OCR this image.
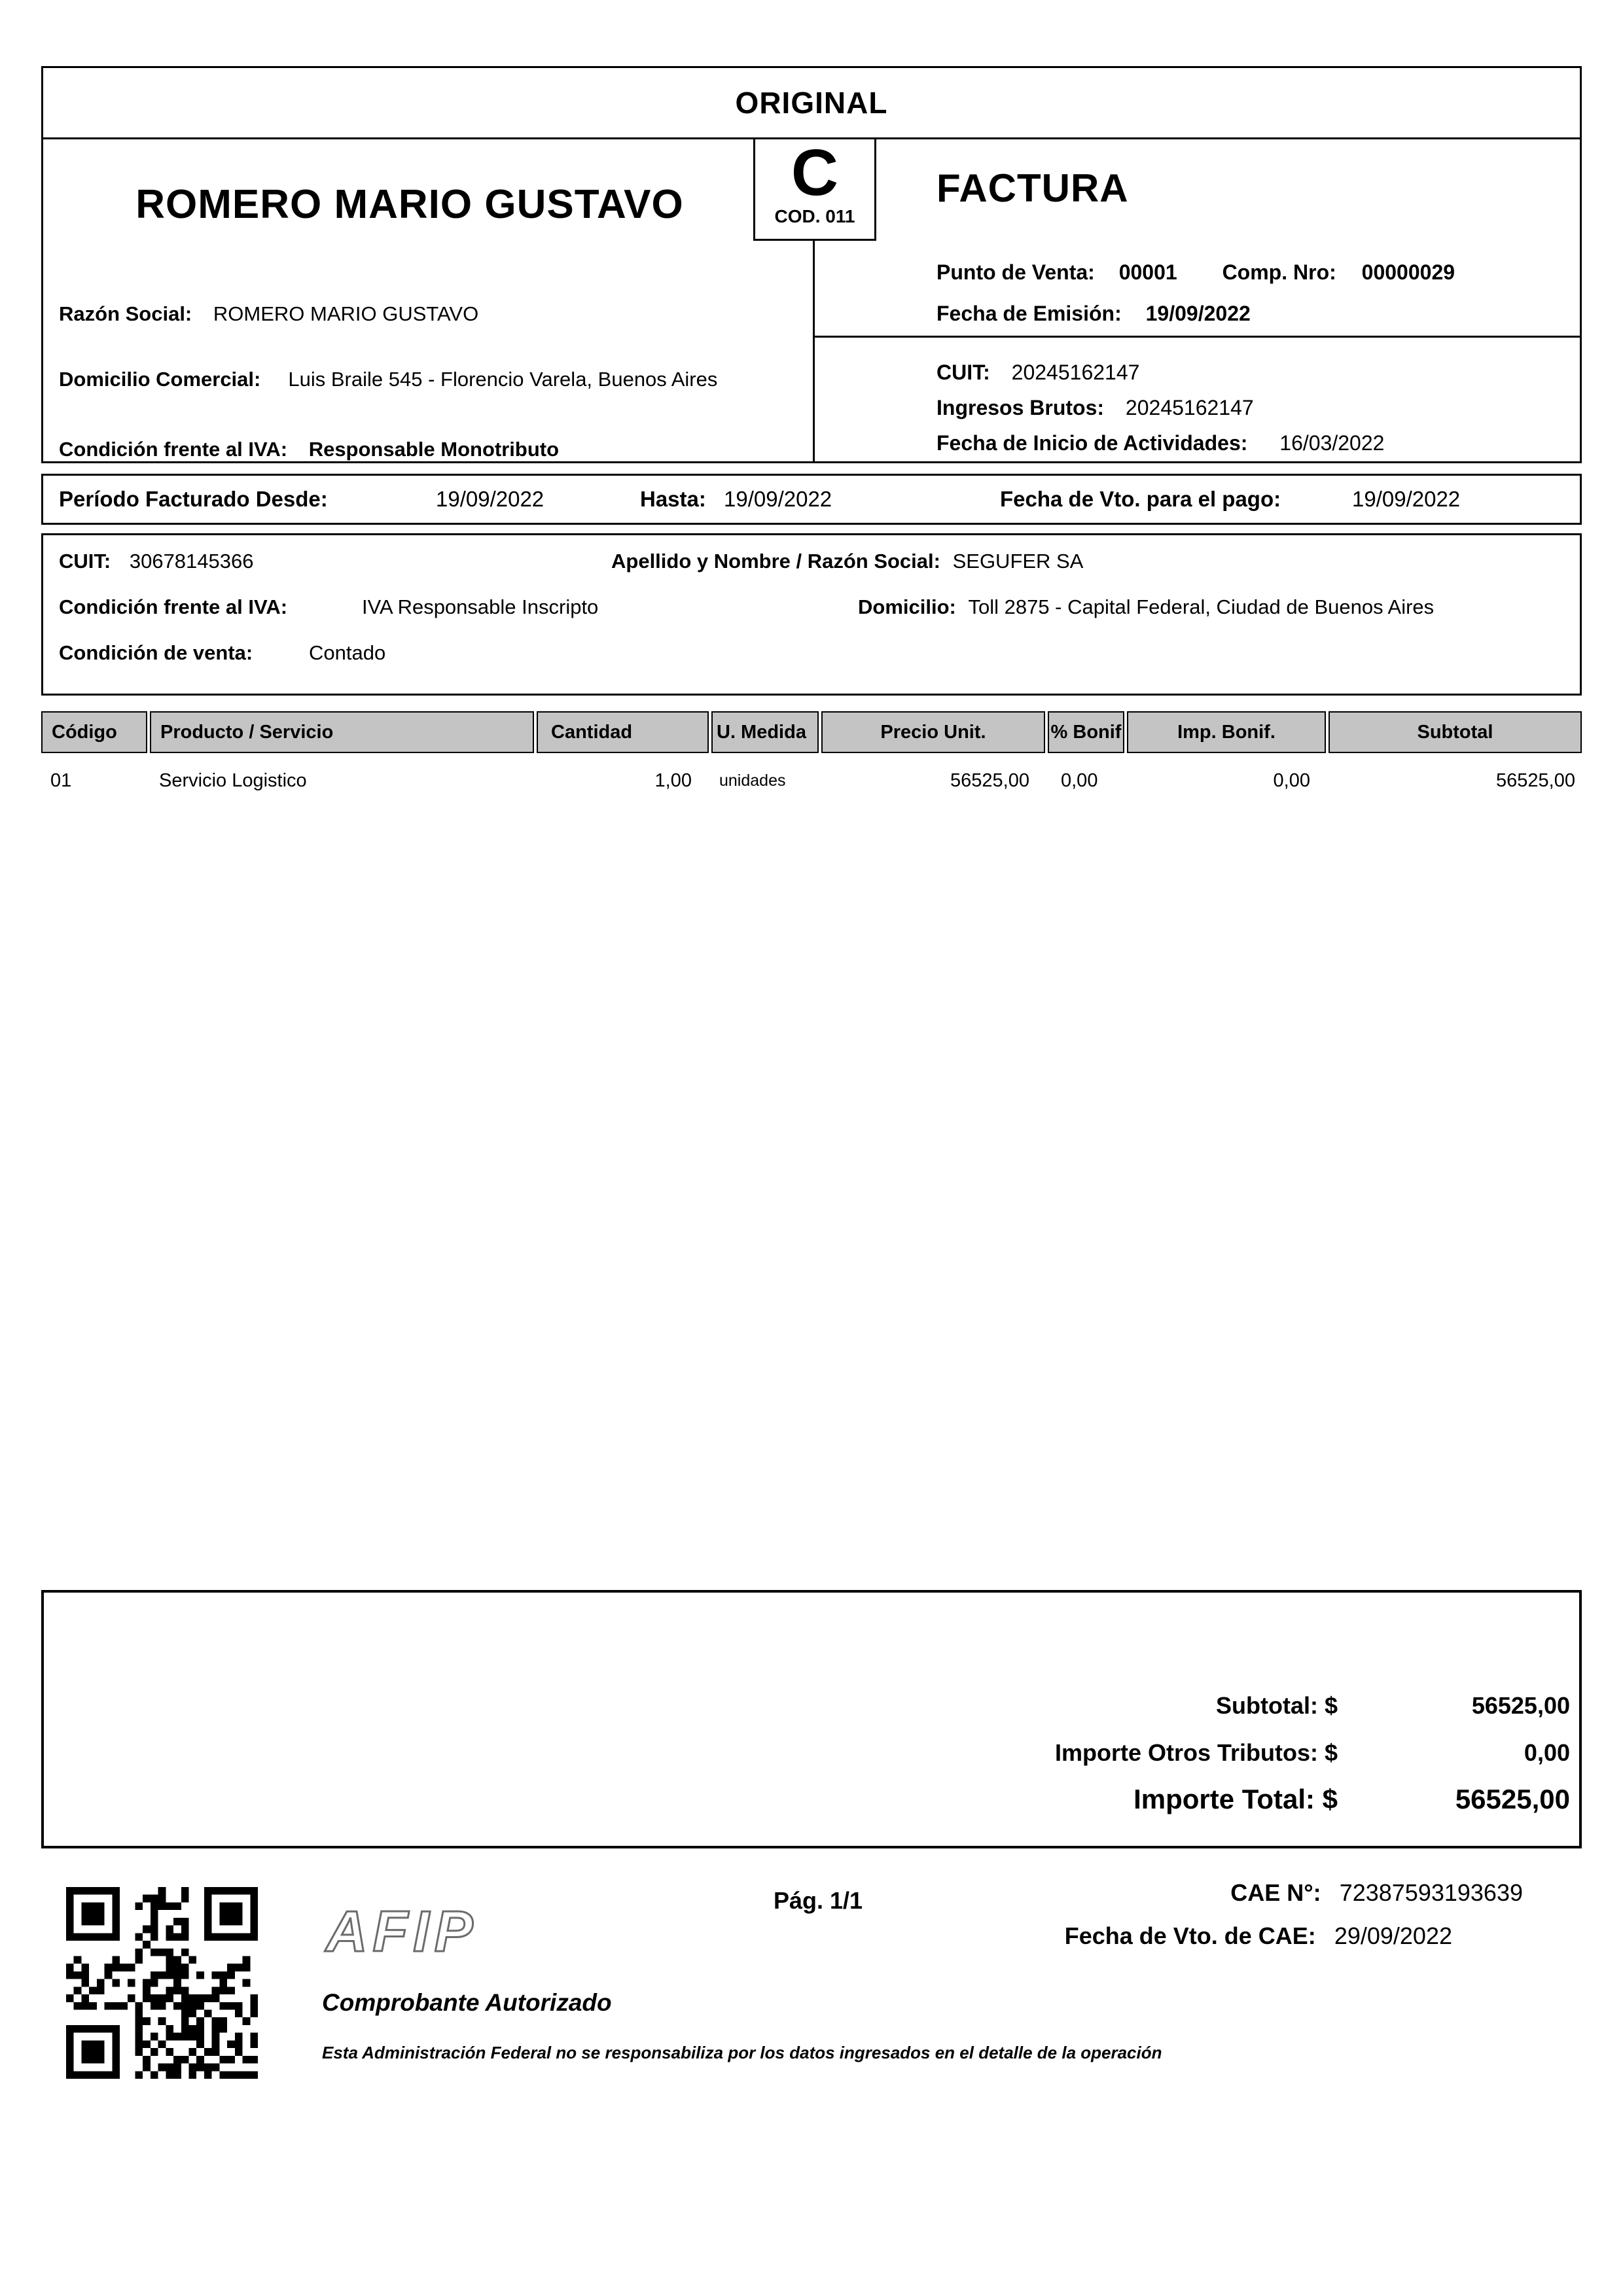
ORIGINAL
ROMERO MARIO GUSTAVO
Razón Social: ROMERO MARIO GUSTAVO
Domicilio Comercial:	Luis Braile 545 - Florencio Varela, Buenos Aires
Condición frente al IVA: Responsable Monotributo
C
COD. 011
FACTURA
Punto de Venta: 00001 Comp. Nro: 00000029
Fecha de Emisión: 19/09/2022
CUIT: 20245162147
Ingresos Brutos: 20245162147
Fecha de Inicio de Actividades: 16/03/2022
Período Facturado Desde:	19/09/2022	Hasta: 19/09/2022	Fecha de Vto. para el pago:	19/09/2022
CUIT: 30678145366	Apellido y Nombre / Razón Social: SEGUFER SA
Condición frente al IVA:	IVA Responsable Inscripto	Domicilio: Toll 2875 - Capital Federal, Ciudad de Buenos Aires
Condición de venta:	Contado
Código	Producto / Servicio	Cantidad	U. Medida	Precio Unit.	% Bonif	Imp. Bonif.	Subtotal
01	Servicio Logistico	1,00	unidades	56525,00	0,00	0,00	56525,00
Subtotal: $	56525,00
Importe Otros Tributos: $	0,00
Importe Total: $	56525,00
AFIP
Comprobante Autorizado
Esta Administración Federal no se responsabiliza por los datos ingresados en el detalle de la operación
Pág. 1/1	CAE N°: 72387593193639
Fecha de Vto. de CAE: 29/09/2022
